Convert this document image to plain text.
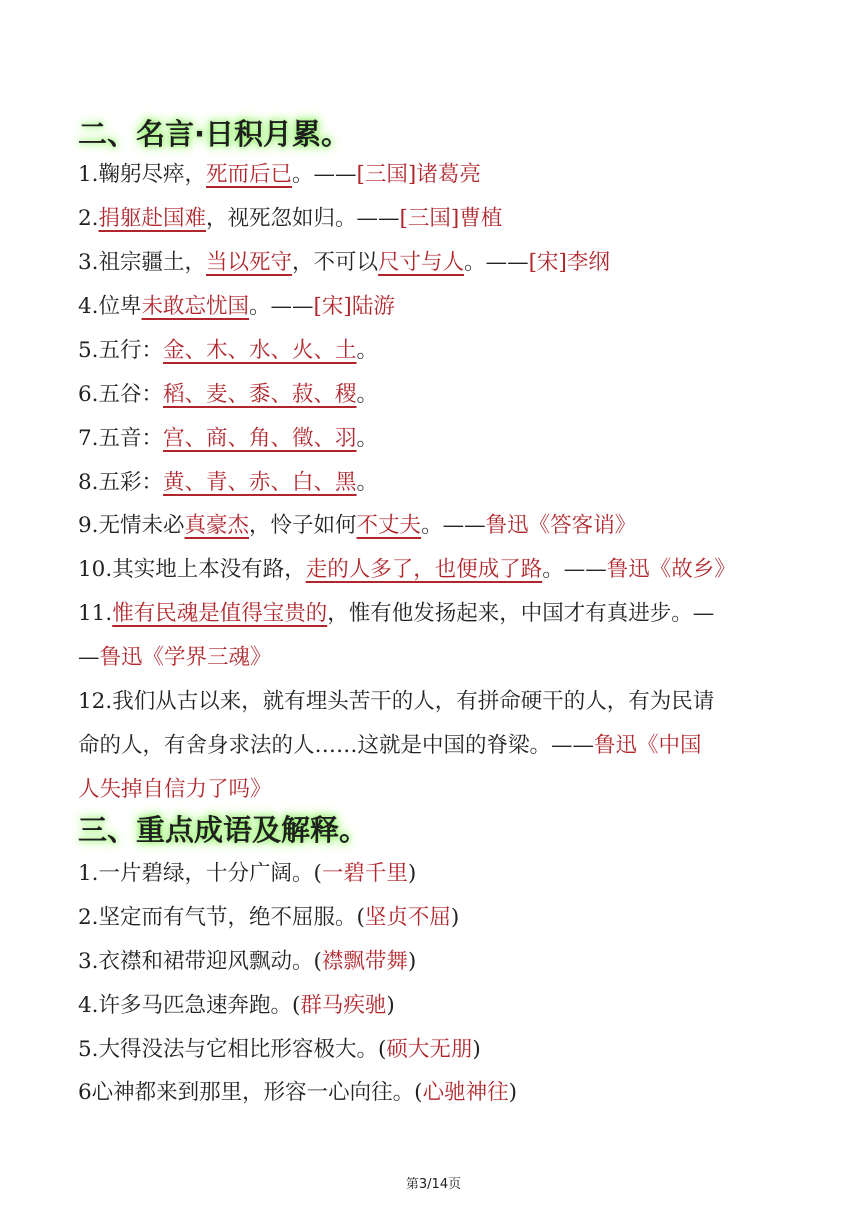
二、名言·日积月累。
1.鞠躬尽瘁，死而后已。——[三国]诸葛亮
2.捐躯赴国难，视死忽如归。——[三国]曹植
3.祖宗疆土，当以死守，不可以尺寸与人。——[宋]李纲
4.位卑未敢忘忧国。——[宋]陆游
5.五行：金、木、水、火、土。
6.五谷：稻、麦、黍、菽、稷。
7.五音：宫、商、角、徵、羽。
8.五彩：黄、青、赤、白、黑。
9.无情未必真豪杰，怜子如何不丈夫。——鲁迅《答客诮》
10.其实地上本没有路，走的人多了，也便成了路。——鲁迅《故乡》
11.惟有民魂是值得宝贵的，惟有他发扬起来，中国才有真进步。—
—鲁迅《学界三魂》
12.我们从古以来，就有埋头苦干的人，有拼命硬干的人，有为民请
命的人，有舍身求法的人……这就是中国的脊梁。——鲁迅《中国
人失掉自信力了吗》
三、重点成语及解释。
1.一片碧绿，十分广阔。(一碧千里)
2.坚定而有气节，绝不屈服。(坚贞不屈)
3.衣襟和裙带迎风飘动。(襟飘带舞)
4.许多马匹急速奔跑。(群马疾驰)
5.大得没法与它相比形容极大。(硕大无朋)
6心神都来到那里，形容一心向往。(心驰神往)
第3/14页
